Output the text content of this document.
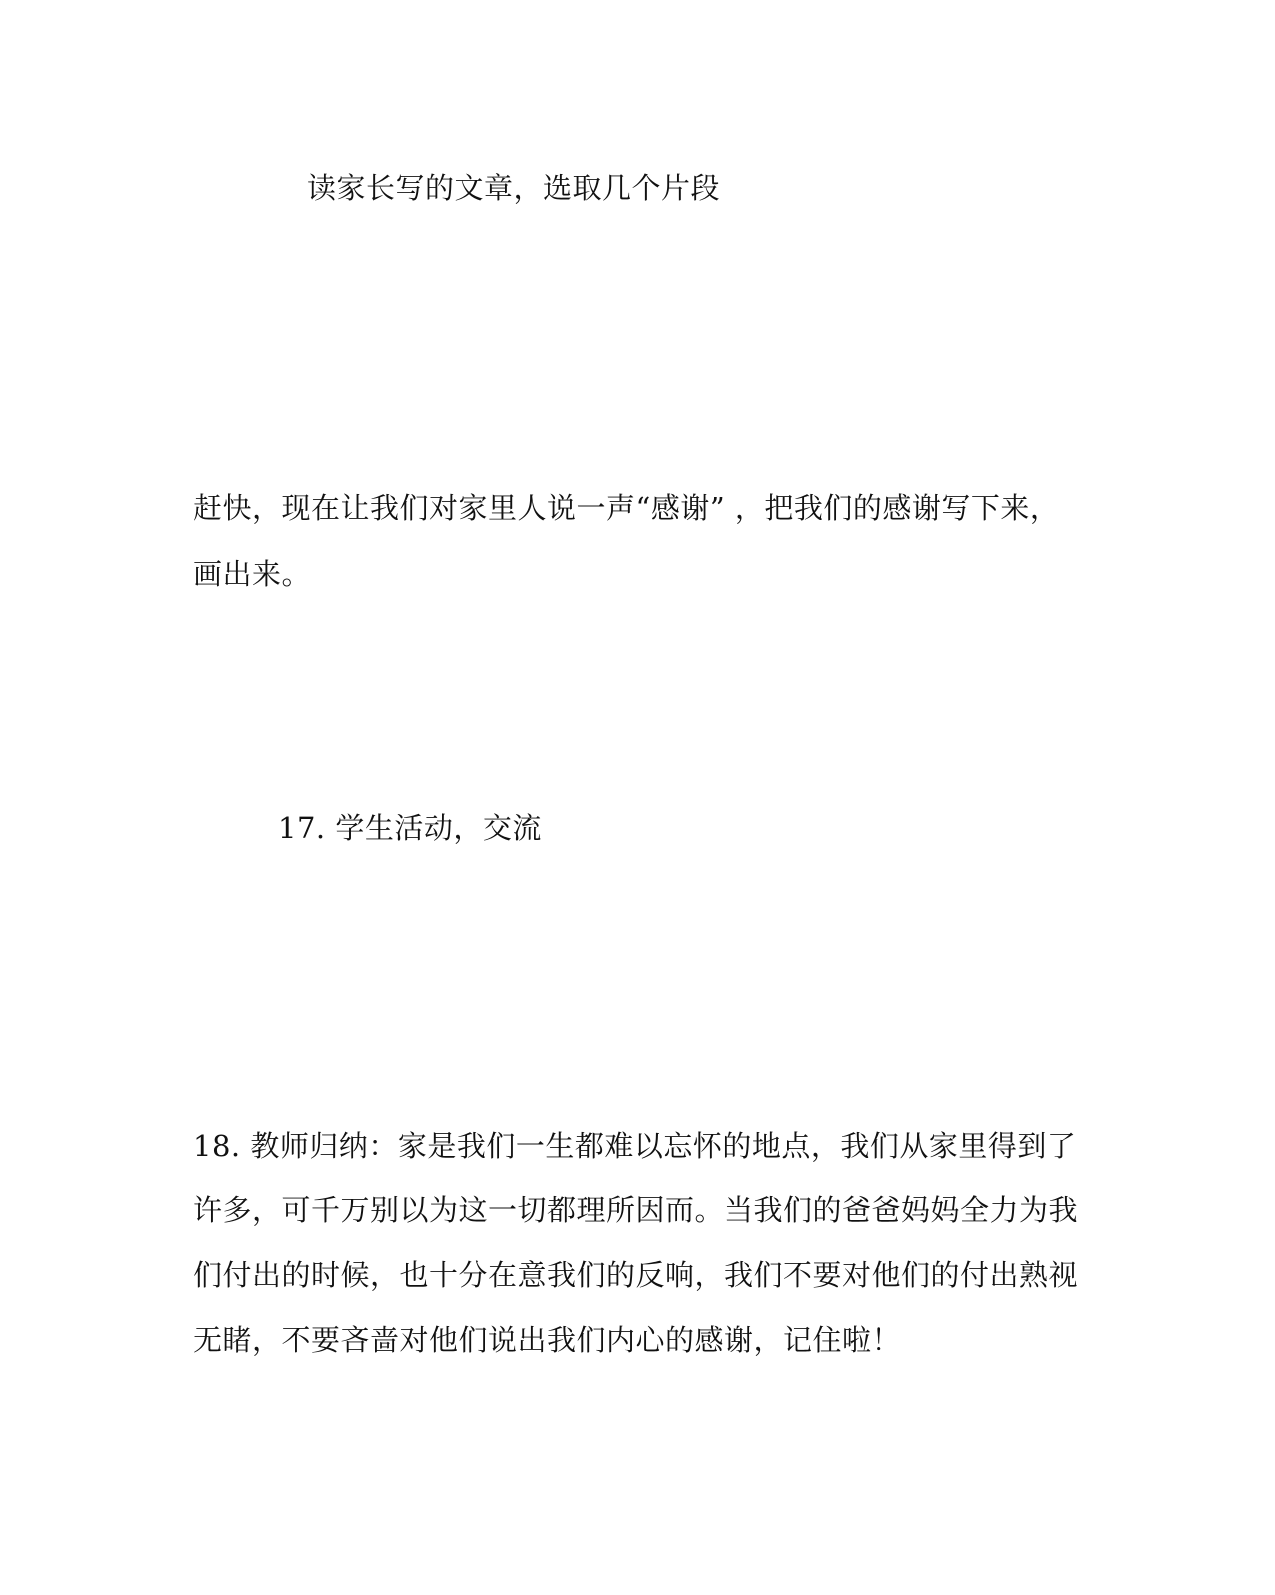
读家长写的文章，选取几个片段
赶快，现在让我们对家里人说一声“感谢” ，把我们的感谢写下来，
画出来。
17. 学生活动，交流
18. 教师归纳：家是我们一生都难以忘怀的地点，我们从家里得到了
许多，可千万别以为这一切都理所因而。当我们的爸爸妈妈全力为我
们付出的时候，也十分在意我们的反响，我们不要对他们的付出熟视
无睹，不要吝啬对他们说出我们内心的感谢，记住啦！
